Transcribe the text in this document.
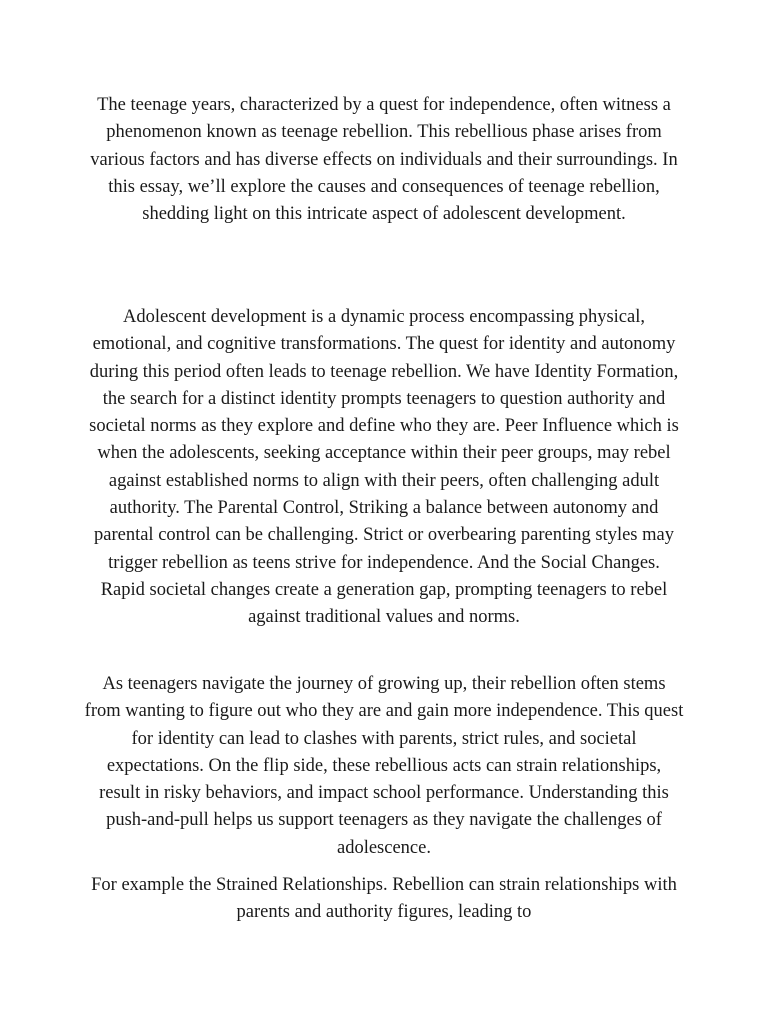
The teenage years, characterized by a quest for independence, often witness a phenomenon known as teenage rebellion. This rebellious phase arises from various factors and has diverse effects on individuals and their surroundings. In this essay, we’ll explore the causes and consequences of teenage rebellion, shedding light on this intricate aspect of adolescent development.

Adolescent development is a dynamic process encompassing physical, emotional, and cognitive transformations. The quest for identity and autonomy during this period often leads to teenage rebellion. We have Identity Formation, the search for a distinct identity prompts teenagers to question authority and societal norms as they explore and define who they are. Peer Influence which is when the adolescents, seeking acceptance within their peer groups, may rebel against established norms to align with their peers, often challenging adult authority. The Parental Control, Striking a balance between autonomy and parental control can be challenging. Strict or overbearing parenting styles may trigger rebellion as teens strive for independence. And the Social Changes. Rapid societal changes create a generation gap, prompting teenagers to rebel against traditional values and norms.

As teenagers navigate the journey of growing up, their rebellion often stems from wanting to figure out who they are and gain more independence. This quest for identity can lead to clashes with parents, strict rules, and societal expectations. On the flip side, these rebellious acts can strain relationships, result in risky behaviors, and impact school performance. Understanding this push-and-pull helps us support teenagers as they navigate the challenges of adolescence.

For example the Strained Relationships. Rebellion can strain relationships with parents and authority figures, leading to
